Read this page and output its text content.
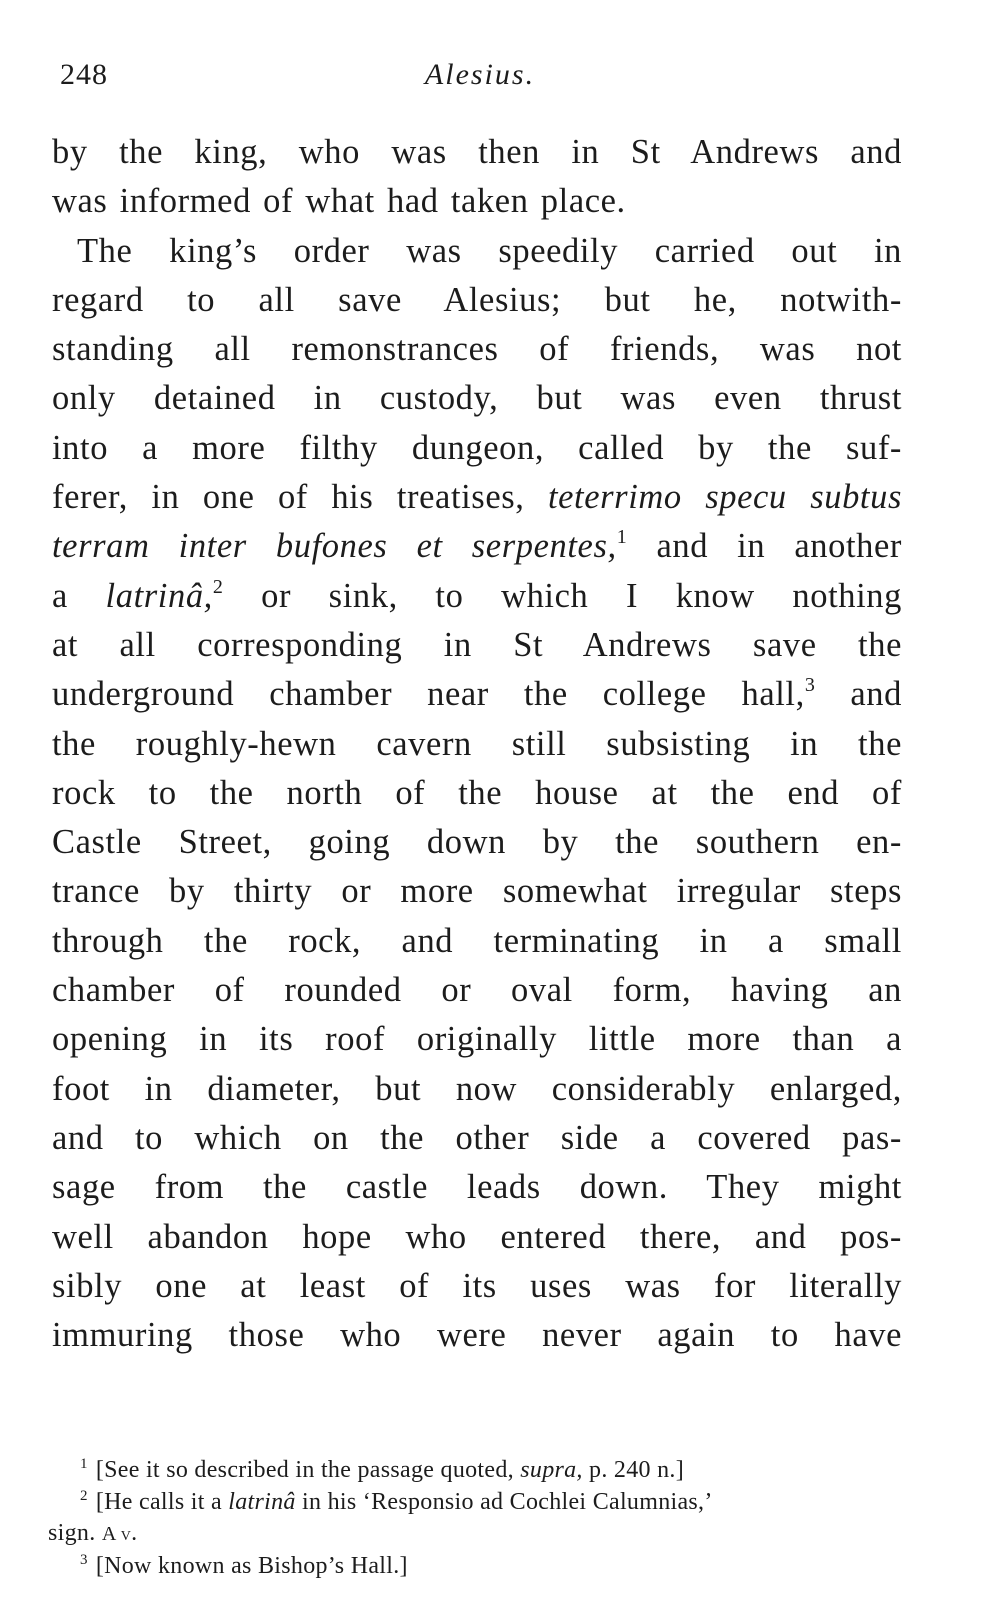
248	Alesius.

by the king, who was then in St Andrews and

was informed of what had taken place.

The king’s order was speedily carried out in

regard to all save Alesius; but he, notwith-

standing all remonstrances of friends, was not

only detained in custody, but was even thrust

into a more filthy dungeon, called by the suf-

ferer, in one of his treatises, teterrimo specu subtus

terram inter bufones et serpentes,$^1$ and in another

a latrinâ,$^2$ or sink, to which I know nothing

at all corresponding in St Andrews save the

underground chamber near the college hall,$^3$ and

the roughly-hewn cavern still subsisting in the

rock to the north of the house at the end of

Castle Street, going down by the southern en-

trance by thirty or more somewhat irregular steps

through the rock, and terminating in a small

chamber of rounded or oval form, having an

opening in its roof originally little more than a

foot in diameter, but now considerably enlarged,

and to which on the other side a covered pas-

sage from the castle leads down. They might

well abandon hope who entered there, and pos-

sibly one at least of its uses was for literally

immuring those who were never again to have

$^1$ [See it so described in the passage quoted, supra, p. 240 n.]

$^2$ [He calls it a latrinâ in his ‘Responsio ad Cochlei Calumnias,’

sign. A v.

$^3$ [Now known as Bishop’s Hall.]
